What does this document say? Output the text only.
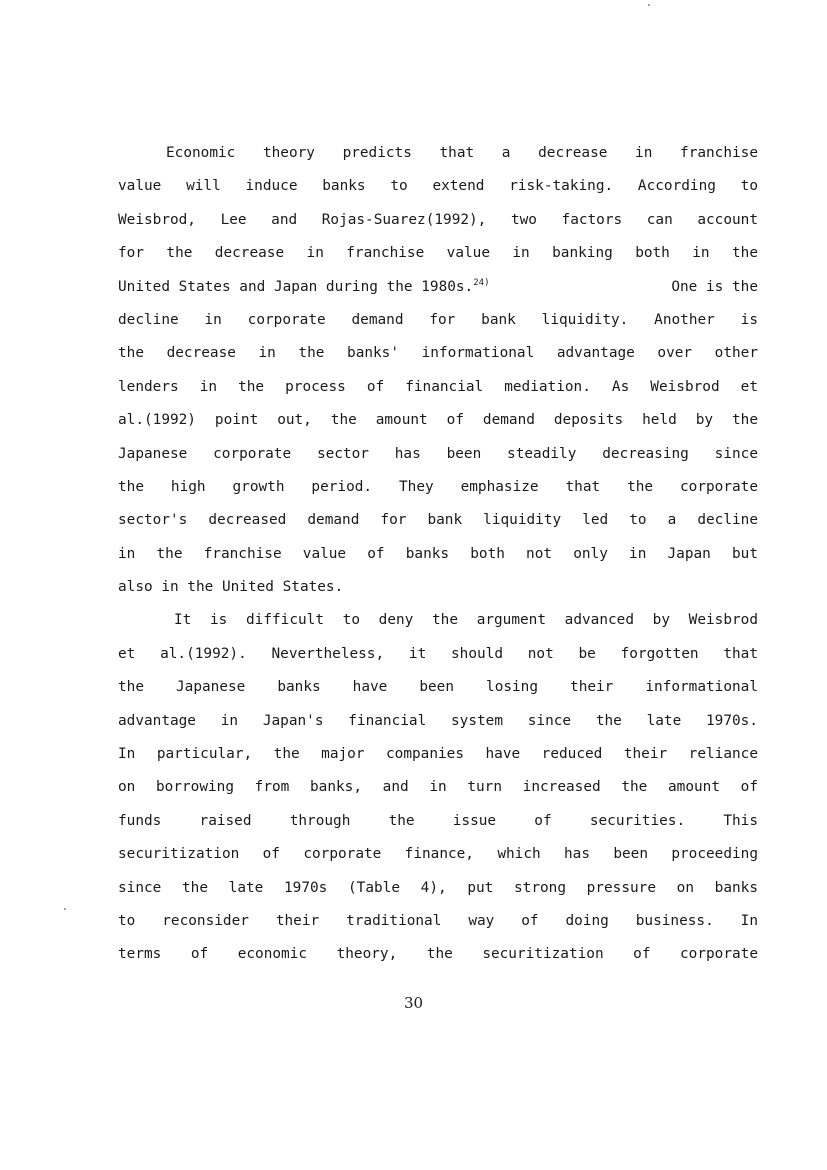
Economic theory predicts that a decrease in franchise
value will induce banks to extend risk-taking. According to
Weisbrod, Lee and Rojas-Suarez(1992), two factors can account
for the decrease in franchise value in banking both in the
United States and Japan during the 1980s.$^{24)}$	One is the
decline in corporate demand for bank liquidity. Another is
the decrease in the banks' informational advantage over other
lenders in the process of financial mediation. As Weisbrod et
al.(1992) point out, the amount of demand deposits held by the
Japanese corporate sector has been steadily decreasing since
the high growth period. They emphasize that the corporate
sector's decreased demand for bank liquidity led to a decline
in the franchise value of banks both not only in Japan but
also in the United States.
It is difficult to deny the argument advanced by Weisbrod
et al.(1992). Nevertheless, it should not be forgotten that
the Japanese banks have been losing their informational
advantage in Japan's financial system since the late 1970s.
In particular, the major companies have reduced their reliance
on borrowing from banks, and in turn increased the amount of
funds raised through the issue of securities. This
securitization of corporate finance, which has been proceeding
since the late 1970s (Table 4), put strong pressure on banks
to reconsider their traditional way of doing business. In
terms of economic theory, the securitization of corporate
30
